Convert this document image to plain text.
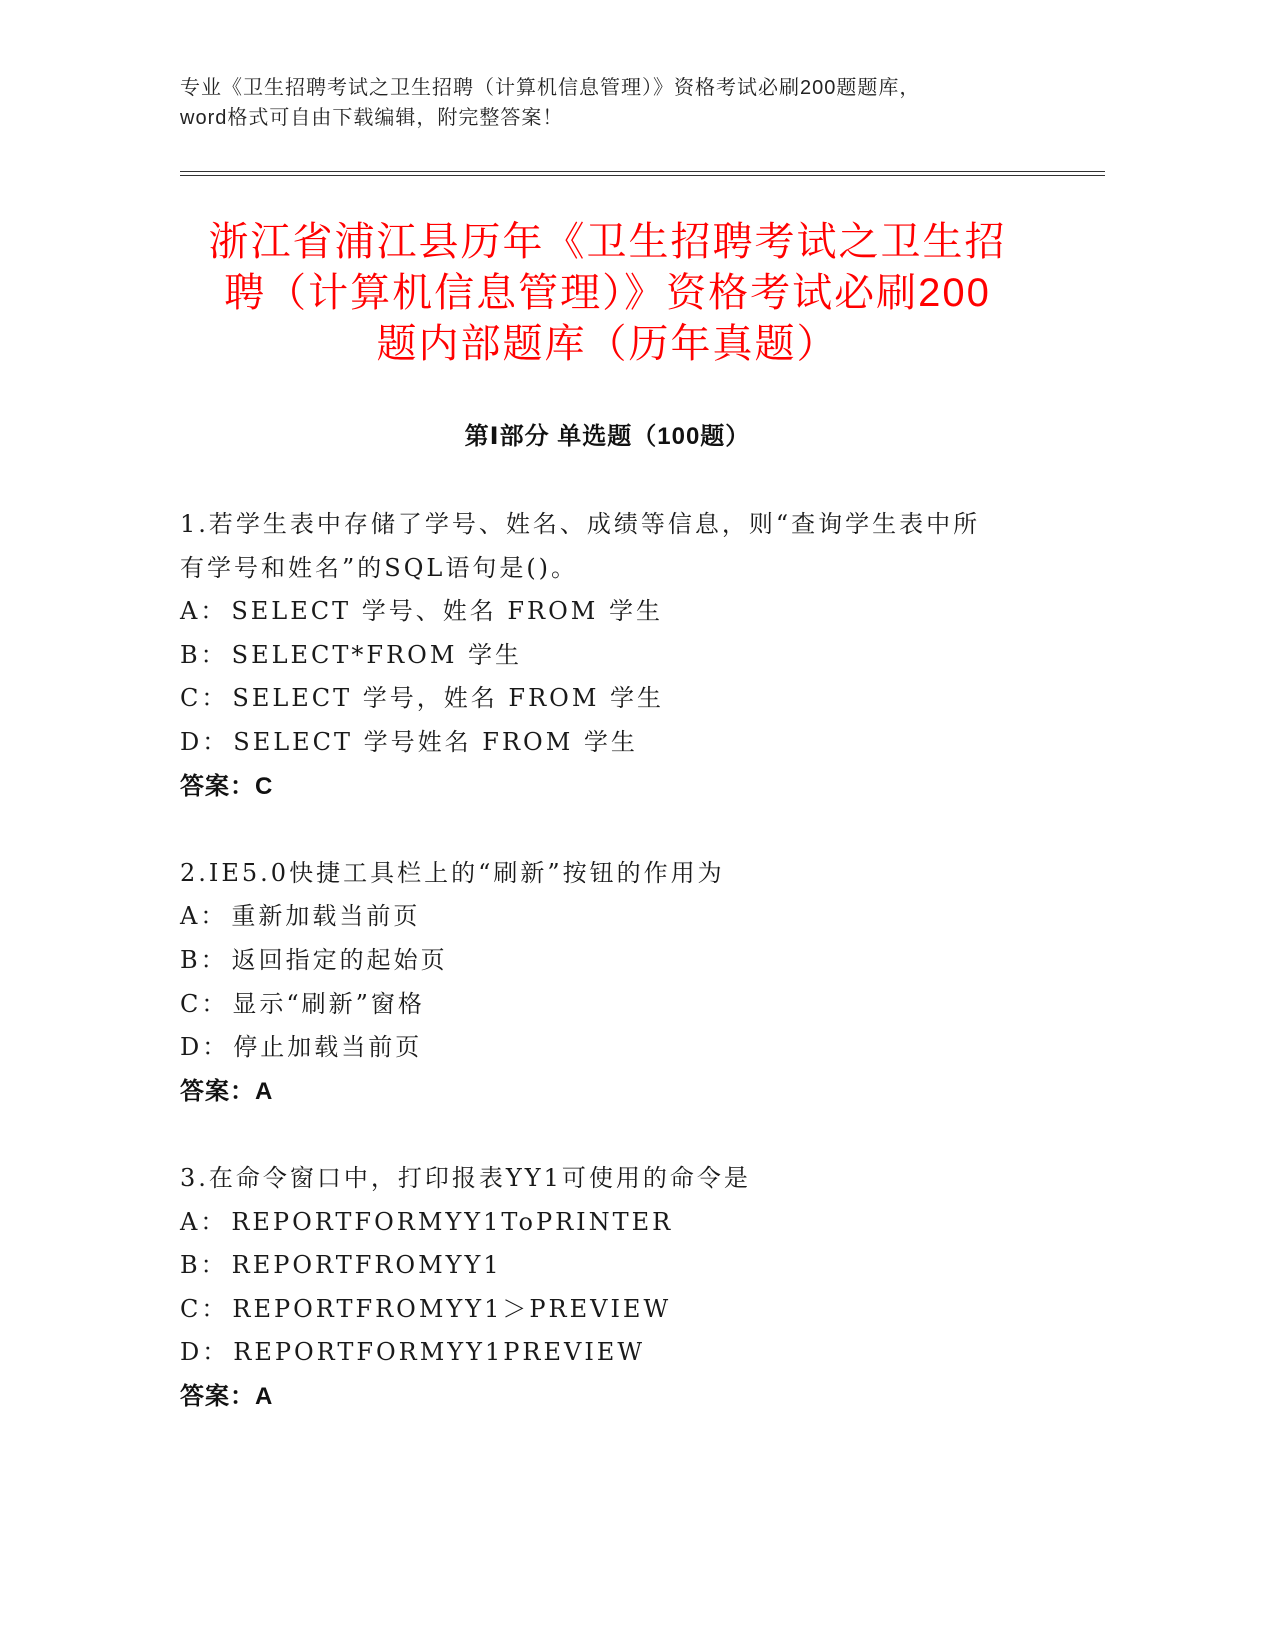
专业《卫生招聘考试之卫生招聘（计算机信息管理）》资格考试必刷200题题库，
word格式可自由下载编辑，附完整答案！
浙江省浦江县历年《卫生招聘考试之卫生招
聘（计算机信息管理）》资格考试必刷200
题内部题库（历年真题）
第Ⅰ部分 单选题（100题）
1.若学生表中存储了学号、姓名、成绩等信息，则“查询学生表中所
有学号和姓名”的SQL语句是()。
A： SELECT 学号、姓名 FROM 学生
B： SELECT*FROM 学生
C： SELECT 学号，姓名 FROM 学生
D： SELECT 学号姓名 FROM 学生
答案：C
2.IE5.0快捷工具栏上的“刷新”按钮的作用为
A： 重新加载当前页
B： 返回指定的起始页
C： 显示“刷新”窗格
D： 停止加载当前页
答案：A
3.在命令窗口中，打印报表YY1可使用的命令是
A： REPORTFORMYY1ToPRINTER
B： REPORTFROMYY1
C： REPORTFROMYY1＞PREVIEW
D： REPORTFORMYY1PREVIEW
答案：A
